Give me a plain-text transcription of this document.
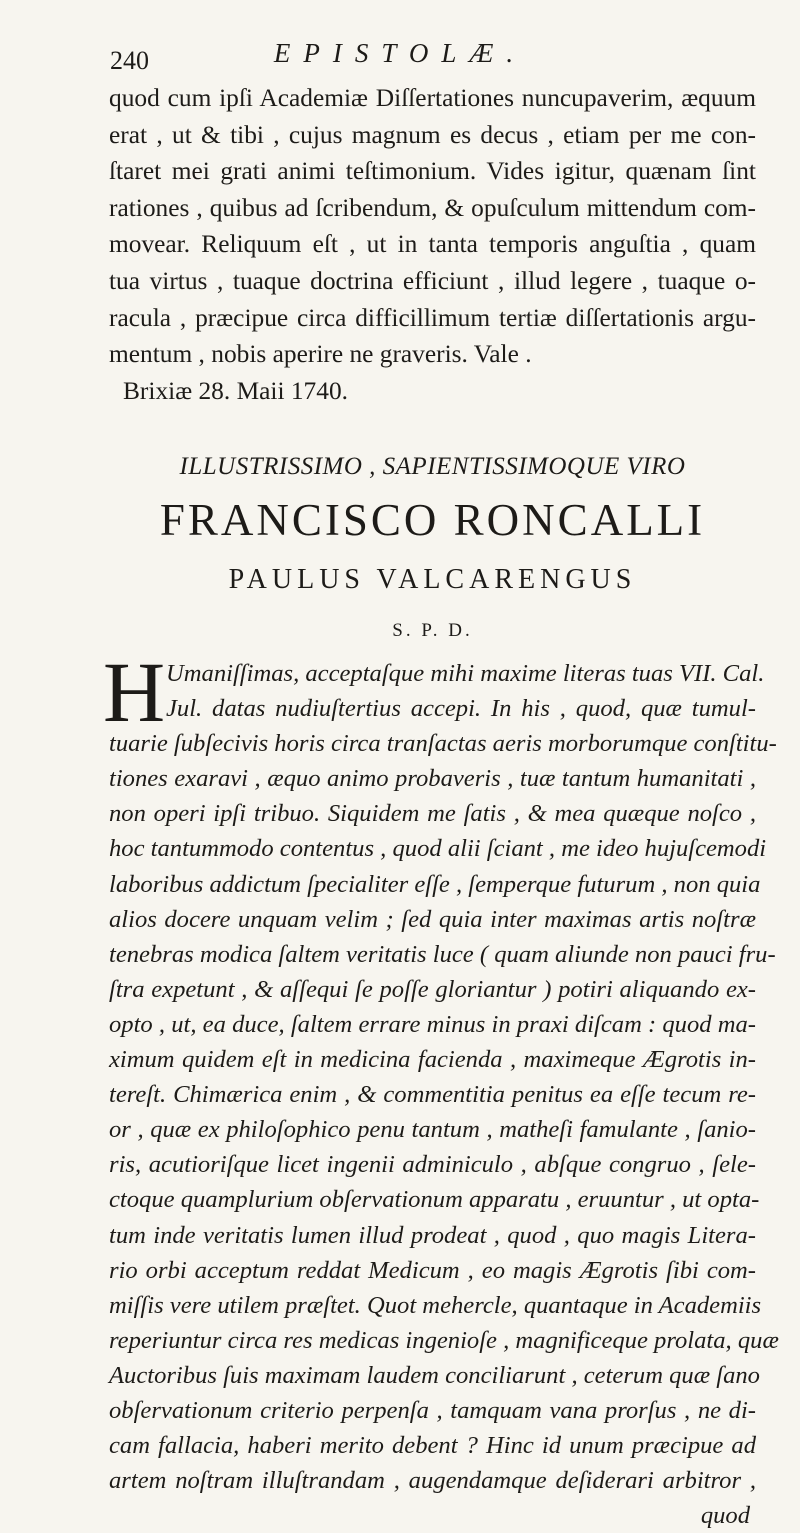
240	EPISTOLÆ.
quod cum ipſi Academiæ Diſſertationes nuncupaverim, æquum
erat , ut & tibi , cujus magnum es decus , etiam per me con-
ſtaret mei grati animi teſtimonium. Vides igitur, quænam ſint
rationes , quibus ad ſcribendum, & opuſculum mittendum com-
movear. Reliquum eſt , ut in tanta temporis anguſtia , quam
tua virtus , tuaque doctrina efficiunt , illud legere , tuaque o-
racula , præcipue circa difficillimum tertiæ diſſertationis argu-
mentum , nobis aperire ne graveris. Vale .
Brixiæ 28. Maii 1740.
ILLUSTRISSIMO , SAPIENTISSIMOQUE VIRO
FRANCISCO RONCALLI
PAULUS VALCARENGUS
S. P. D.
H Umaniſſimas, acceptaſque mihi maxime literas tuas VII. Cal.
Jul. datas nudiuſtertius accepi. In his , quod, quæ tumul-
tuarie ſubſecivis horis circa tranſactas aeris morborumque conſtitu-
tiones exaravi , æquo animo probaveris , tuæ tantum humanitati ,
non operi ipſi tribuo. Siquidem me ſatis , & mea quæque noſco ,
hoc tantummodo contentus , quod alii ſciant , me ideo hujuſcemodi
laboribus addictum ſpecialiter eſſe , ſemperque futurum , non quia
alios docere unquam velim ; ſed quia inter maximas artis noſtræ
tenebras modica ſaltem veritatis luce ( quam aliunde non pauci fru-
ſtra expetunt , & aſſequi ſe poſſe gloriantur ) potiri aliquando ex-
opto , ut, ea duce, ſaltem errare minus in praxi diſcam : quod ma-
ximum quidem eſt in medicina facienda , maximeque Ægrotis in-
tereſt. Chimærica enim , & commentitia penitus ea eſſe tecum re-
or , quæ ex philoſophico penu tantum , matheſi famulante , ſanio-
ris, acutioriſque licet ingenii adminiculo , abſque congruo , ſele-
ctoque quamplurium obſervationum apparatu , eruuntur , ut opta-
tum inde veritatis lumen illud prodeat , quod , quo magis Litera-
rio orbi acceptum reddat Medicum , eo magis Ægrotis ſibi com-
miſſis vere utilem præſtet. Quot mehercle, quantaque in Academiis
reperiuntur circa res medicas ingenioſe , magnificeque prolata, quæ
Auctoribus ſuis maximam laudem conciliarunt , ceterum quæ ſano
obſervationum criterio perpenſa , tamquam vana prorſus , ne di-
cam fallacia, haberi merito debent ? Hinc id unum præcipue ad
artem noſtram illuſtrandam , augendamque deſiderari arbitror ,
quod
